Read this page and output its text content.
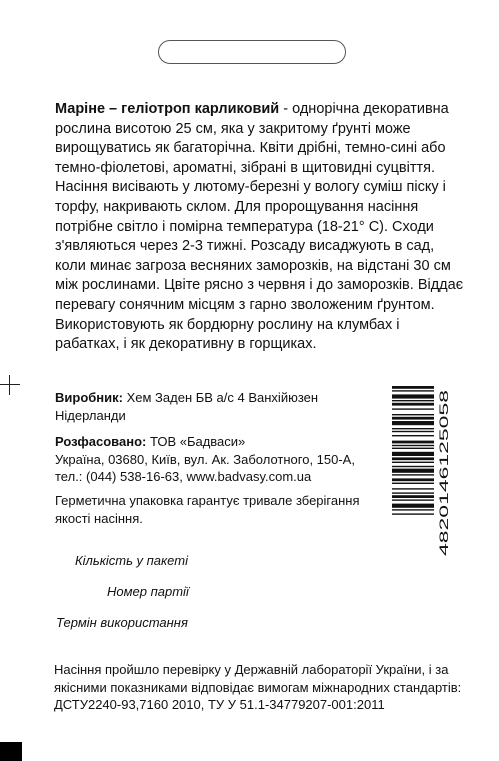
Маріне – геліотроп карликовий - однорічна декоративна рослина висотою 25 см, яка у закритому ґрунті може вирощуватись як багаторічна. Квіти дрібні, темно-сині або темно-фіолетові, ароматні, зібрані в щитовидні суцвіття. Насіння висівають у лютому-березні у вологу суміш піску і торфу, накривають склом. Для пророщування насіння потрібне світло і помірна температура (18-21° С). Сходи з'являються через 2-3 тижні. Розсаду висаджують в сад, коли минає загроза весняних заморозків, на відстані 30 см між рослинами. Цвіте рясно з червня і до заморозків. Віддає перевагу сонячним місцям з гарно зволоженим ґрунтом. Використовують як бордюрну рослину на клумбах і рабатках, і як декоративну в горщиках.

Виробник: Хем Заден БВ а/с 4 Ванхійюзен Нідерланди

Розфасовано: ТОВ «Бадваси»
Україна, 03680, Київ, вул. Ак. Заболотного, 150-А,
тел.: (044) 538-16-63, www.badvasy.com.ua

Герметична упаковка гарантує тривале зберігання якості насіння.	4820146125058

Кількість у пакеті

Номер партії

Термін використання

Насіння пройшло перевірку у Державній лабораторії України, і за якісними показниками відповідає вимогам міжнародних стандартів: ДСТУ2240-93,7160 2010, ТУ У 51.1-34779207-001:2011
